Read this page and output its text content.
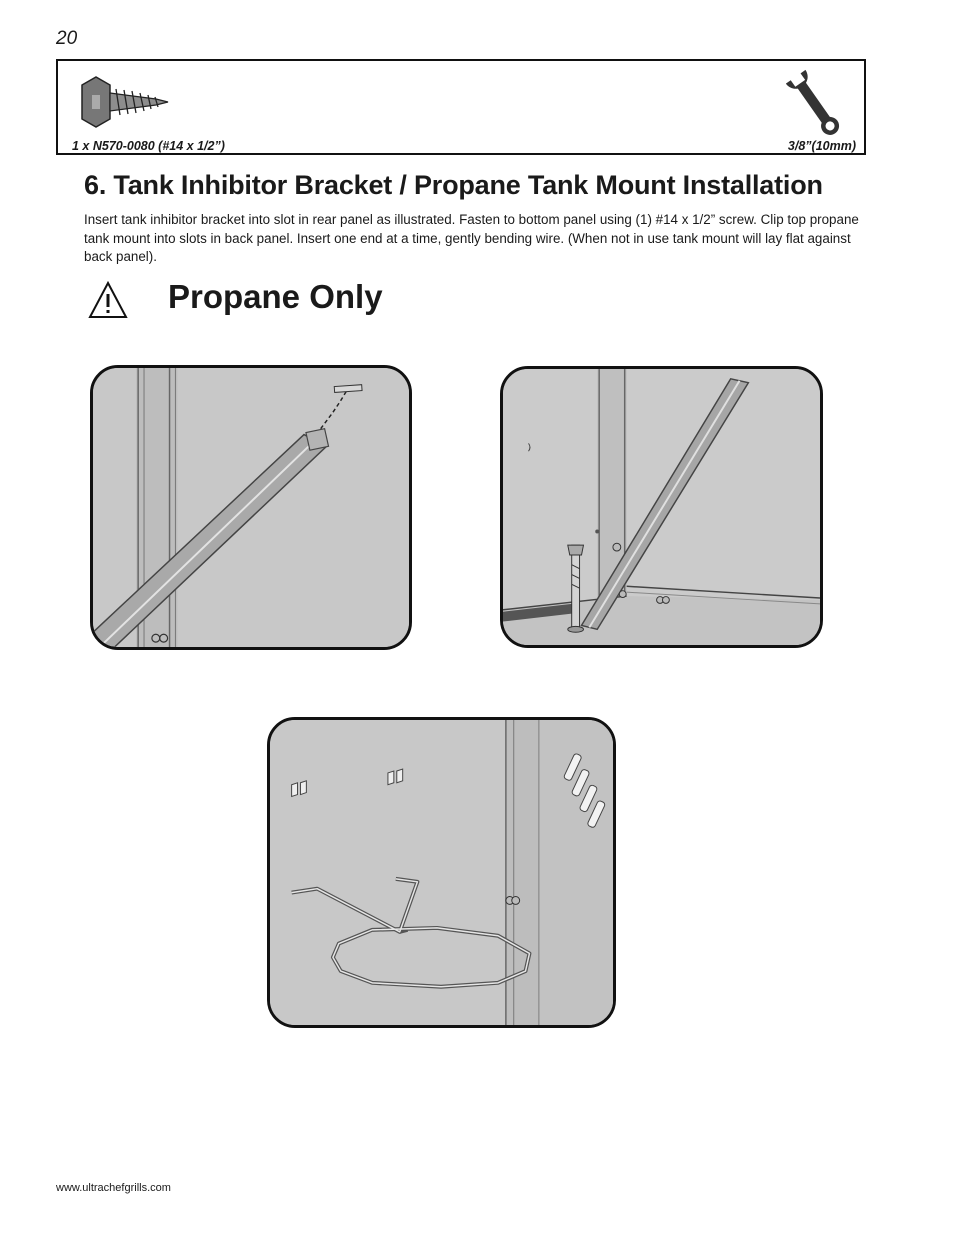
20
1 x N570-0080 (#14 x 1/2”)	3/8”(10mm)
6. Tank Inhibitor Bracket / Propane Tank Mount Installation
Insert tank inhibitor bracket into slot in rear panel as illustrated. Fasten to bottom panel using (1) #14 x 1/2” screw. Clip top propane tank mount into slots in back panel. Insert one end at a time, gently bending wire. (When not in use tank mount will lay flat against back panel).
Propane Only
www.ultrachefgrills.com
